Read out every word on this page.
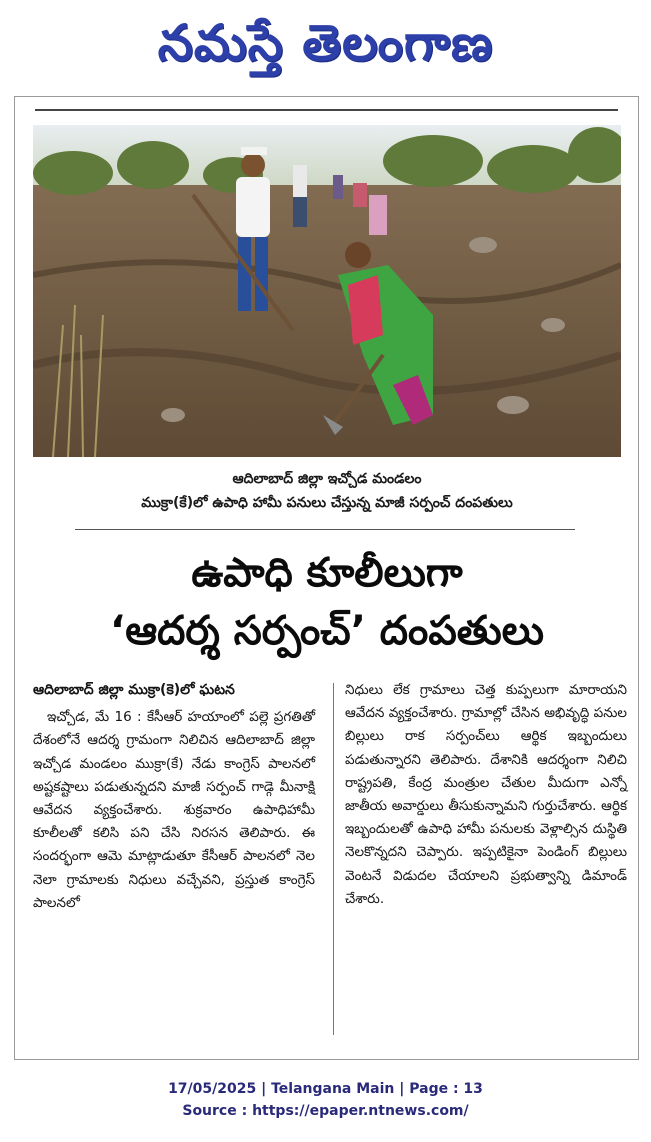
నమస్తే తెలంగాణ
ఆదిలాబాద్ జిల్లా ఇచ్చోడ మండలం
ముక్రా(కే)లో ఉపాధి హామీ పనులు చేస్తున్న మాజీ సర్పంచ్ దంపతులు
ఉపాధి కూలీలుగా
‘ఆదర్శ సర్పంచ్’ దంపతులు
ఆదిలాబాద్ జిల్లా ముక్రా(కె)లో ఘటన
ఇచ్చోడ, మే 16 : కేసీఆర్ హయాంలో పల్లె ప్రగతితో దేశంలోనే ఆదర్శ గ్రామంగా నిలిచిన ఆదిలాబాద్ జిల్లా ఇచ్చోడ మండలం ముక్రా(కే) నేడు కాంగ్రెస్ పాలనలో అష్టకష్టాలు పడుతున్నదని మాజీ సర్పంచ్ గాడ్గె మీనాక్షి ఆవేదన వ్యక్తంచేశారు. శుక్రవారం ఉపాధిహామీ కూలీలతో కలిసి పని చేసి నిరసన తెలిపారు. ఈ సందర్భంగా ఆమె మాట్లాడుతూ కేసీఆర్ పాలనలో నెల నెలా గ్రామాలకు నిధులు వచ్చేవని, ప్రస్తుత కాంగ్రెస్ పాలనలో
నిధులు లేక గ్రామాలు చెత్త కుప్పలుగా మారాయని ఆవేదన వ్యక్తంచేశారు. గ్రామాల్లో చేసిన అభివృద్ధి పనుల బిల్లులు రాక సర్పంచ్‌లు ఆర్థిక ఇబ్బందులు పడుతున్నారని తెలిపారు. దేశానికి ఆదర్శంగా నిలిచి రాష్ట్రపతి, కేంద్ర మంత్రుల చేతుల మీదుగా ఎన్నో జాతీయ అవార్డులు తీసుకున్నామని గుర్తుచేశారు. ఆర్థిక ఇబ్బందులతో ఉపాధి హామీ పనులకు వెళ్లాల్సిన దుస్థితి నెలకొన్నదని చెప్పారు. ఇప్పటికైనా పెండింగ్ బిల్లులు వెంటనే విడుదల చేయాలని ప్రభుత్వాన్ని డిమాండ్ చేశారు.
17/05/2025 | Telangana Main | Page : 13
Source : https://epaper.ntnews.com/
